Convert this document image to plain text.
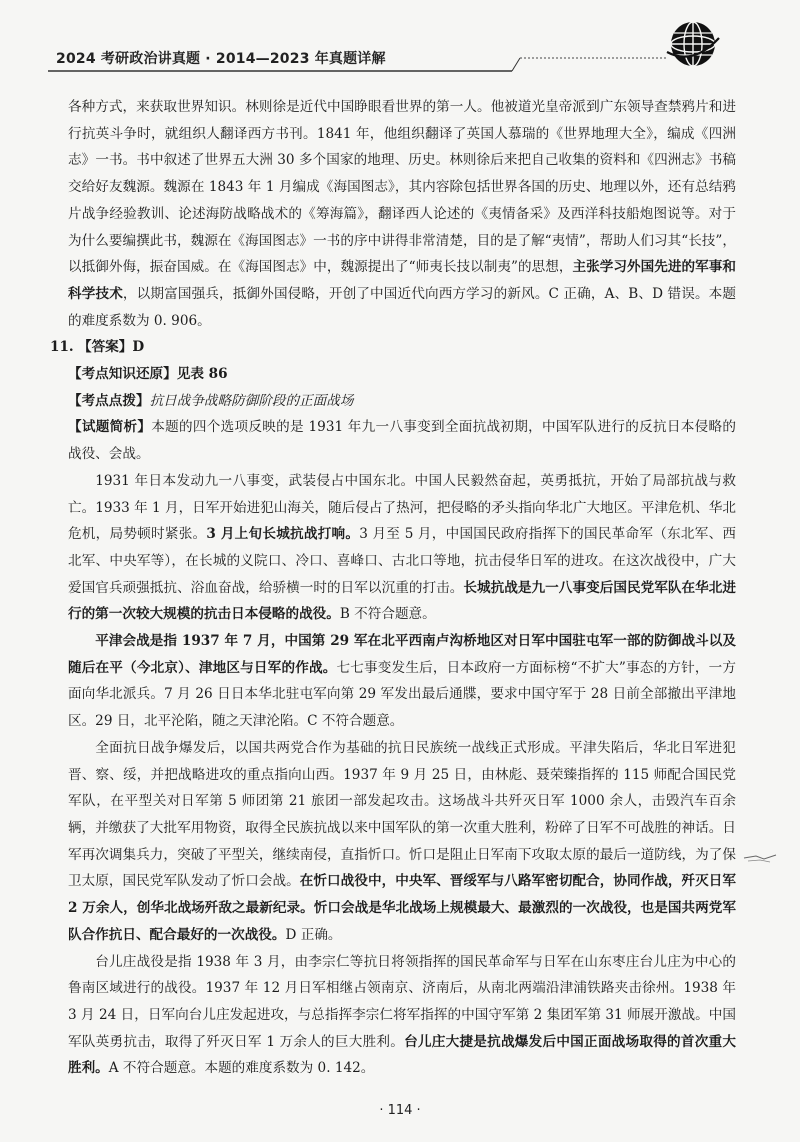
2024 考研政治讲真题 · 2014—2023 年真题详解

各种方式，来获取世界知识。林则徐是近代中国睁眼看世界的第一人。他被道光皇帝派到广东领导查禁鸦片和进行抗英斗争时，就组织人翻译西方书刊。1841 年，他组织翻译了英国人慕瑞的《世界地理大全》，编成《四洲志》一书。书中叙述了世界五大洲 30 多个国家的地理、历史。林则徐后来把自己收集的资料和《四洲志》书稿交给好友魏源。魏源在 1843 年 1 月编成《海国图志》，其内容除包括世界各国的历史、地理以外，还有总结鸦片战争经验教训、论述海防战略战术的《筹海篇》，翻译西人论述的《夷情备采》及西洋科技船炮图说等。对于为什么要编撰此书，魏源在《海国图志》一书的序中讲得非常清楚，目的是了解“夷情”，帮助人们习其“长技”，以抵御外侮，振奋国威。在《海国图志》中，魏源提出了“师夷长技以制夷”的思想，主张学习外国先进的军事和科学技术，以期富国强兵，抵御外国侵略，开创了中国近代向西方学习的新风。C 正确，A、B、D 错误。本题的难度系数为 0. 906。

11. 【答案】D

【考点知识还原】见表 86

【考点点拨】抗日战争战略防御阶段的正面战场

【试题简析】本题的四个选项反映的是 1931 年九一八事变到全面抗战初期，中国军队进行的反抗日本侵略的战役、会战。

1931 年日本发动九一八事变，武装侵占中国东北。中国人民毅然奋起，英勇抵抗，开始了局部抗战与救亡。1933 年 1 月，日军开始进犯山海关，随后侵占了热河，把侵略的矛头指向华北广大地区。平津危机、华北危机，局势顿时紧张。3 月上旬长城抗战打响。3 月至 5 月，中国国民政府指挥下的国民革命军（东北军、西北军、中央军等），在长城的义院口、冷口、喜峰口、古北口等地，抗击侵华日军的进攻。在这次战役中，广大爱国官兵顽强抵抗、浴血奋战，给骄横一时的日军以沉重的打击。长城抗战是九一八事变后国民党军队在华北进行的第一次较大规模的抗击日本侵略的战役。B 不符合题意。

平津会战是指 1937 年 7 月，中国第 29 军在北平西南卢沟桥地区对日军中国驻屯军一部的防御战斗以及随后在平（今北京）、津地区与日军的作战。七七事变发生后，日本政府一方面标榜“不扩大”事态的方针，一方面向华北派兵。7 月 26 日日本华北驻屯军向第 29 军发出最后通牒，要求中国守军于 28 日前全部撤出平津地区。29 日，北平沦陷，随之天津沦陷。C 不符合题意。

全面抗日战争爆发后，以国共两党合作为基础的抗日民族统一战线正式形成。平津失陷后，华北日军进犯晋、察、绥，并把战略进攻的重点指向山西。1937 年 9 月 25 日，由林彪、聂荣臻指挥的 115 师配合国民党军队，在平型关对日军第 5 师团第 21 旅团一部发起攻击。这场战斗共歼灭日军 1000 余人，击毁汽车百余辆，并缴获了大批军用物资，取得全民族抗战以来中国军队的第一次重大胜利，粉碎了日军不可战胜的神话。日军再次调集兵力，突破了平型关，继续南侵，直指忻口。忻口是阻止日军南下攻取太原的最后一道防线，为了保卫太原，国民党军队发动了忻口会战。在忻口战役中，中央军、晋绥军与八路军密切配合，协同作战，歼灭日军 2 万余人，创华北战场歼敌之最新纪录。忻口会战是华北战场上规模最大、最激烈的一次战役，也是国共两党军队合作抗日、配合最好的一次战役。D 正确。

台儿庄战役是指 1938 年 3 月，由李宗仁等抗日将领指挥的国民革命军与日军在山东枣庄台儿庄为中心的鲁南区域进行的战役。1937 年 12 月日军相继占领南京、济南后，从南北两端沿津浦铁路夹击徐州。1938 年 3 月 24 日，日军向台儿庄发起进攻，与总指挥李宗仁将军指挥的中国守军第 2 集团军第 31 师展开激战。中国军队英勇抗击，取得了歼灭日军 1 万余人的巨大胜利。台儿庄大捷是抗战爆发后中国正面战场取得的首次重大胜利。A 不符合题意。本题的难度系数为 0. 142。

· 114 ·
